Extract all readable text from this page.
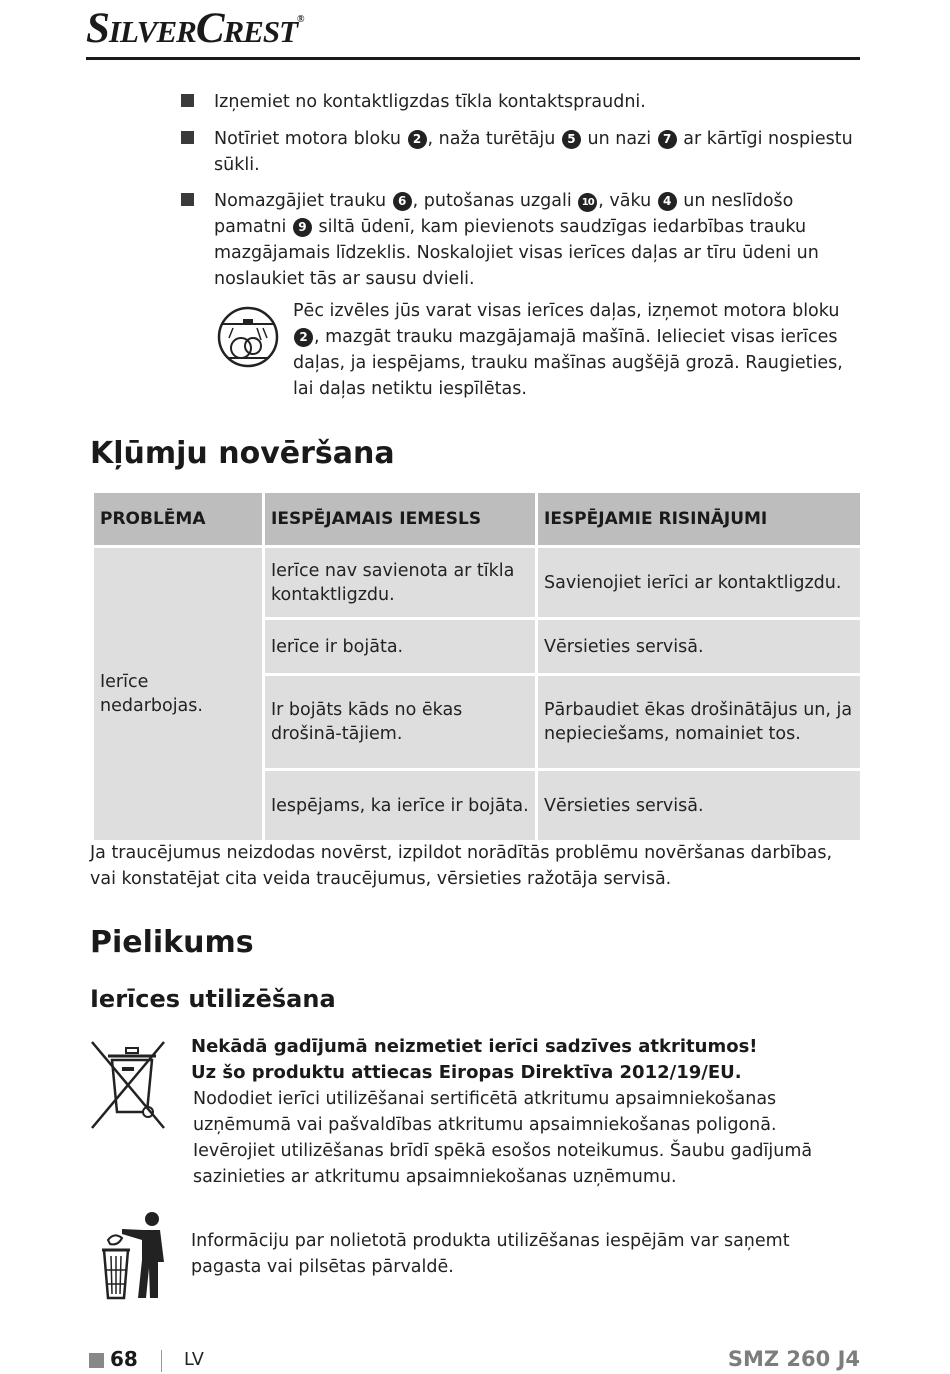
SILVERCREST®
Izņemiet no kontaktligzdas tīkla kontaktspraudni.
Notīriet motora bloku 2 , naža turētāju 5 un nazi 7 ar kārtīgi nospiestu sūkli.
Nomazgājiet trauku 6 , putošanas uzgali 10 , vāku 4 un neslīdošo pamatni 9 siltā ūdenī, kam pievienots saudzīgas iedarbības trauku mazgājamais līdzeklis. Noskalojiet visas ierīces daļas ar tīru ūdeni un noslaukiet tās ar sausu dvieli.
Pēc izvēles jūs varat visas ierīces daļas, izņemot motora bloku 2 , mazgāt trauku mazgājamajā mašīnā. Ielieciet visas ierīces daļas, ja iespējams, trauku mašīnas augšējā grozā. Raugieties, lai daļas netiktu iespīlētas.
Kļūmju novēršana
PROBLĒMA	IESPĒJAMAIS IEMESLS	IESPĒJAMIE RISINĀJUMI
Ierīce nedarbojas.	Ierīce nav savienota ar tīkla kontaktligzdu.	Savienojiet ierīci ar kontaktligzdu.
	Ierīce ir bojāta.	Vērsieties servisā.
	Ir bojāts kāds no ēkas drošinā-tājiem.	Pārbaudiet ēkas drošinātājus un, ja nepieciešams, nomainiet tos.
	Iespējams, ka ierīce ir bojāta.	Vērsieties servisā.
Ja traucējumus neizdodas novērst, izpildot norādītās problēmu novēršanas darbības, vai konstatējat cita veida traucējumus, vērsieties ražotāja servisā.
Pielikums
Ierīces utilizēšana
Nekādā gadījumā neizmetiet ierīci sadzīves atkritumos!
Uz šo produktu attiecas Eiropas Direktīva 2012/19/EU.
Nododiet ierīci utilizēšanai sertificētā atkritumu apsaimniekošanas uzņēmumā vai pašvaldības atkritumu apsaimniekošanas poligonā. Ievērojiet utilizēšanas brīdī spēkā esošos noteikumus. Šaubu gadījumā sazinieties ar atkritumu apsaimniekošanas uzņēmumu.
Informāciju par nolietotā produkta utilizēšanas iespējām var saņemt pagasta vai pilsētas pārvaldē.
68	LV	SMZ 260 J4
